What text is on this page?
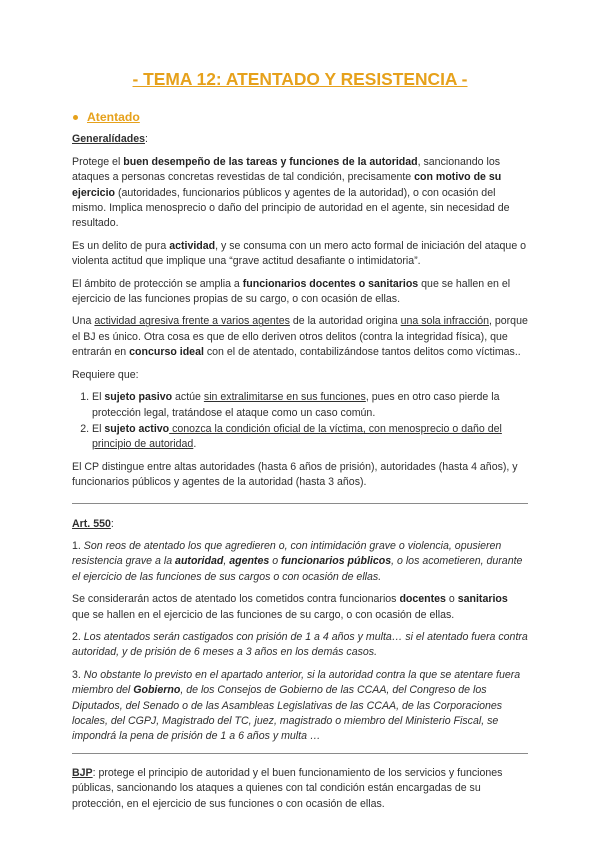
- TEMA 12: ATENTADO Y RESISTENCIA -
Atentado

Generalídades:

Protege el buen desempeño de las tareas y funciones de la autoridad, sancionando los ataques a personas concretas revestidas de tal condición, precisamente con motivo de su ejercicio (autoridades, funcionarios públicos y agentes de la autoridad), o con ocasión del mismo. Implica menosprecio o daño del principio de autoridad en el agente, sin necesidad de resultado.

Es un delito de pura actividad, y se consuma con un mero acto formal de iniciación del ataque o violenta actitud que implique una “grave actitud desafiante o intimidatoria”.

El ámbito de protección se amplia a funcionarios docentes o sanitarios que se hallen en el ejercicio de las funciones propias de su cargo, o con ocasión de ellas.

Una actividad agresiva frente a varios agentes de la autoridad origina una sola infracción, porque el BJ es único. Otra cosa es que de ello deriven otros delitos (contra la integridad física), que entrarán en concurso ideal con el de atentado, contabilizándose tantos delitos como víctimas..

Requiere que:

1. El sujeto pasivo actúe sin extralimitarse en sus funciones, pues en otro caso pierde la protección legal, tratándose el ataque como un caso común.
2. El sujeto activo conozca la condición oficial de la víctima, con menosprecio o daño del principio de autoridad.

El CP distingue entre altas autoridades (hasta 6 años de prisión), autoridades (hasta 4 años), y funcionarios públicos y agentes de la autoridad (hasta 3 años).

Art. 550:

1. Son reos de atentado los que agredieren o, con intimidación grave o violencia, opusieren resistencia grave a la autoridad, agentes o funcionarios públicos, o los acometieren, durante el ejercicio de las funciones de sus cargos o con ocasión de ellas.

Se considerarán actos de atentado los cometidos contra funcionarios docentes o sanitarios que se hallen en el ejercicio de las funciones de su cargo, o con ocasión de ellas.

2. Los atentados serán castigados con prisión de 1 a 4 años y multa… si el atentado fuera contra autoridad, y de prisión de 6 meses a 3 años en los demás casos.

3. No obstante lo previsto en el apartado anterior, si la autoridad contra la que se atentare fuera miembro del Gobierno, de los Consejos de Gobierno de las CCAA, del Congreso de los Diputados, del Senado o de las Asambleas Legislativas de las CCAA, de las Corporaciones locales, del CGPJ, Magistrado del TC, juez, magistrado o miembro del Ministerio Fiscal, se impondrá la pena de prisión de 1 a 6 años y multa …

BJP: protege el principio de autoridad y el buen funcionamiento de los servicios y funciones públicas, sancionando los ataques a quienes con tal condición están encargadas de su protección, en el ejercicio de sus funciones o con ocasión de ellas.
